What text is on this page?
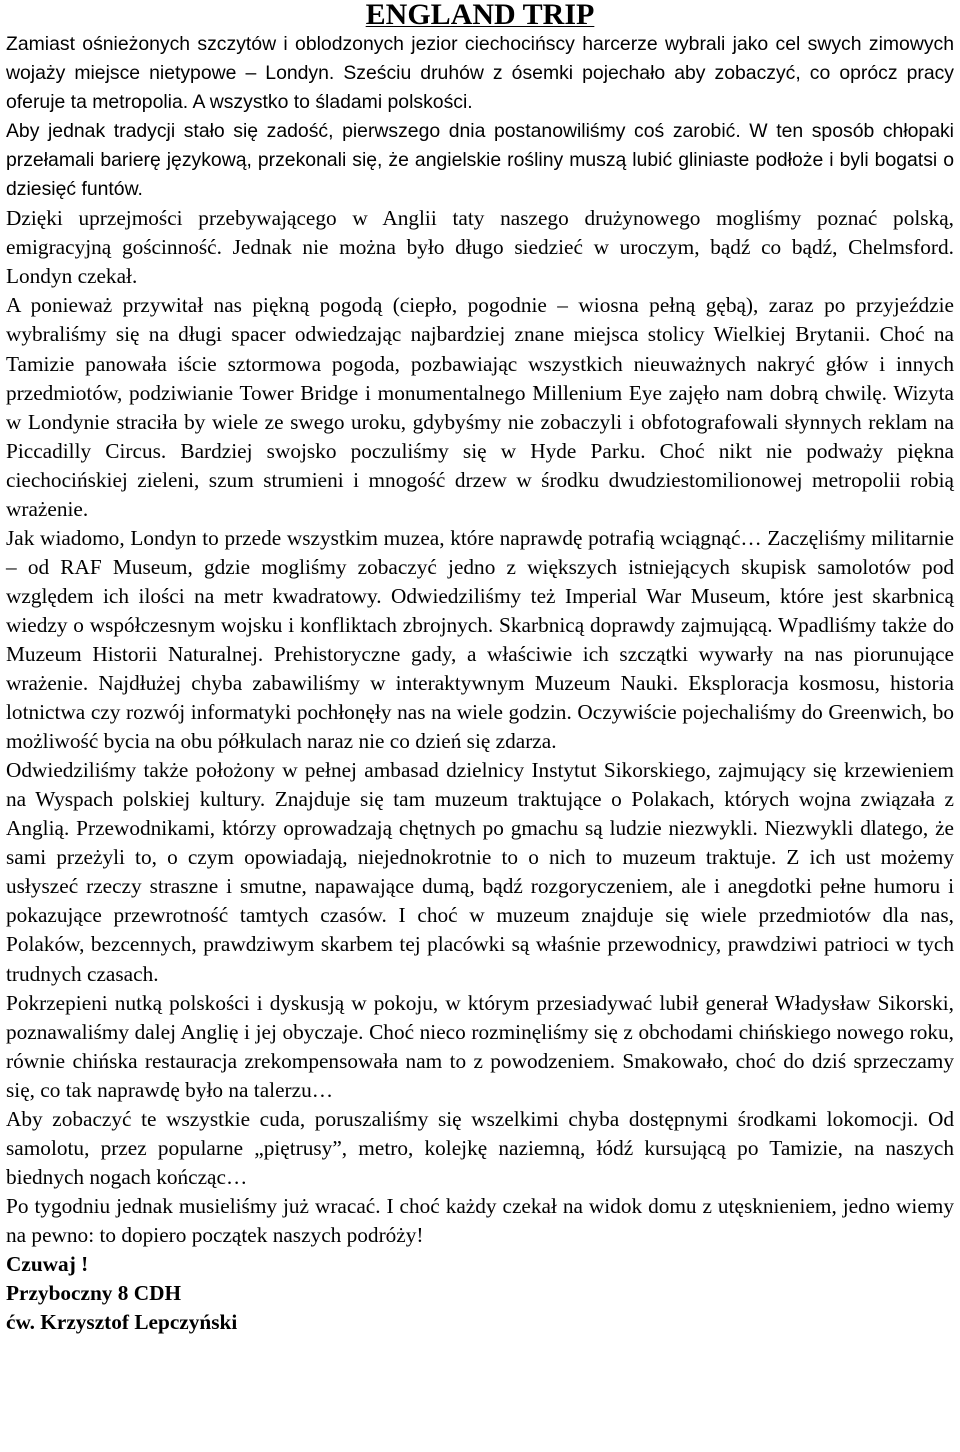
ENGLAND TRIP

Zamiast ośnieżonych szczytów i oblodzonych jezior ciechocińscy harcerze wybrali jako cel swych zimowych wojaży miejsce nietypowe – Londyn. Sześciu druhów z ósemki pojechało aby zobaczyć, co oprócz pracy oferuje ta metropolia. A wszystko to śladami polskości.

Aby jednak tradycji stało się zadość, pierwszego dnia postanowiliśmy coś zarobić. W ten sposób chłopaki przełamali barierę językową, przekonali się, że angielskie rośliny muszą lubić gliniaste podłoże i byli bogatsi o dziesięć funtów.

Dzięki uprzejmości przebywającego w Anglii taty naszego drużynowego mogliśmy poznać polską, emigracyjną gościnność. Jednak nie można było długo siedzieć w uroczym, bądź co bądź, Chelmsford. Londyn czekał.

A ponieważ przywitał nas piękną pogodą (ciepło, pogodnie – wiosna pełną gębą), zaraz po przyjeździe wybraliśmy się na długi spacer odwiedzając najbardziej znane miejsca stolicy Wielkiej Brytanii. Choć na Tamizie panowała iście sztormowa pogoda, pozbawiając wszystkich nieuważnych nakryć głów i innych przedmiotów, podziwianie Tower Bridge i monumentalnego Millenium Eye zajęło nam dobrą chwilę. Wizyta w Londynie straciła by wiele ze swego uroku, gdybyśmy nie zobaczyli i obfotografowali słynnych reklam na Piccadilly Circus. Bardziej swojsko poczuliśmy się w Hyde Parku. Choć nikt nie podważy piękna ciechocińskiej zieleni, szum strumieni i mnogość drzew w środku dwudziestomilionowej metropolii robią wrażenie.

Jak wiadomo, Londyn to przede wszystkim muzea, które naprawdę potrafią wciągnąć… Zaczęliśmy militarnie – od RAF Museum, gdzie mogliśmy zobaczyć jedno z większych istniejących skupisk samolotów pod względem ich ilości na metr kwadratowy. Odwiedziliśmy też Imperial War Museum, które jest skarbnicą wiedzy o współczesnym wojsku i konfliktach zbrojnych. Skarbnicą doprawdy zajmującą. Wpadliśmy także do Muzeum Historii Naturalnej. Prehistoryczne gady, a właściwie ich szczątki wywarły na nas piorunujące wrażenie. Najdłużej chyba zabawiliśmy w interaktywnym Muzeum Nauki. Eksploracja kosmosu, historia lotnictwa czy rozwój informatyki pochłonęły nas na wiele godzin. Oczywiście pojechaliśmy do Greenwich, bo możliwość bycia na obu półkulach naraz nie co dzień się zdarza.

Odwiedziliśmy także położony w pełnej ambasad dzielnicy Instytut Sikorskiego, zajmujący się krzewieniem na Wyspach polskiej kultury. Znajduje się tam muzeum traktujące o Polakach, których wojna związała z Anglią. Przewodnikami, którzy oprowadzają chętnych po gmachu są ludzie niezwykli. Niezwykli dlatego, że sami przeżyli to, o czym opowiadają, niejednokrotnie to o nich to muzeum traktuje. Z ich ust możemy usłyszeć rzeczy straszne i smutne, napawające dumą, bądź rozgoryczeniem, ale i anegdotki pełne humoru i pokazujące przewrotność tamtych czasów. I choć w muzeum znajduje się wiele przedmiotów dla nas, Polaków, bezcennych, prawdziwym skarbem tej placówki są właśnie przewodnicy, prawdziwi patrioci w tych trudnych czasach.

Pokrzepieni nutką polskości i dyskusją w pokoju, w którym przesiadywać lubił generał Władysław Sikorski, poznawaliśmy dalej Anglię i jej obyczaje. Choć nieco rozminęliśmy się z obchodami chińskiego nowego roku, równie chińska restauracja zrekompensowała nam to z powodzeniem. Smakowało, choć do dziś sprzeczamy się, co tak naprawdę było na talerzu…

Aby zobaczyć te wszystkie cuda, poruszaliśmy się wszelkimi chyba dostępnymi środkami lokomocji. Od samolotu, przez popularne „piętrusy”, metro, kolejkę naziemną, łódź kursującą po Tamizie, na naszych biednych nogach kończąc…

Po tygodniu jednak musieliśmy już wracać. I choć każdy czekał na widok domu z utęsknieniem, jedno wiemy na pewno: to dopiero początek naszych podróży!

Czuwaj !

Przyboczny 8 CDH

ćw. Krzysztof Lepczyński
